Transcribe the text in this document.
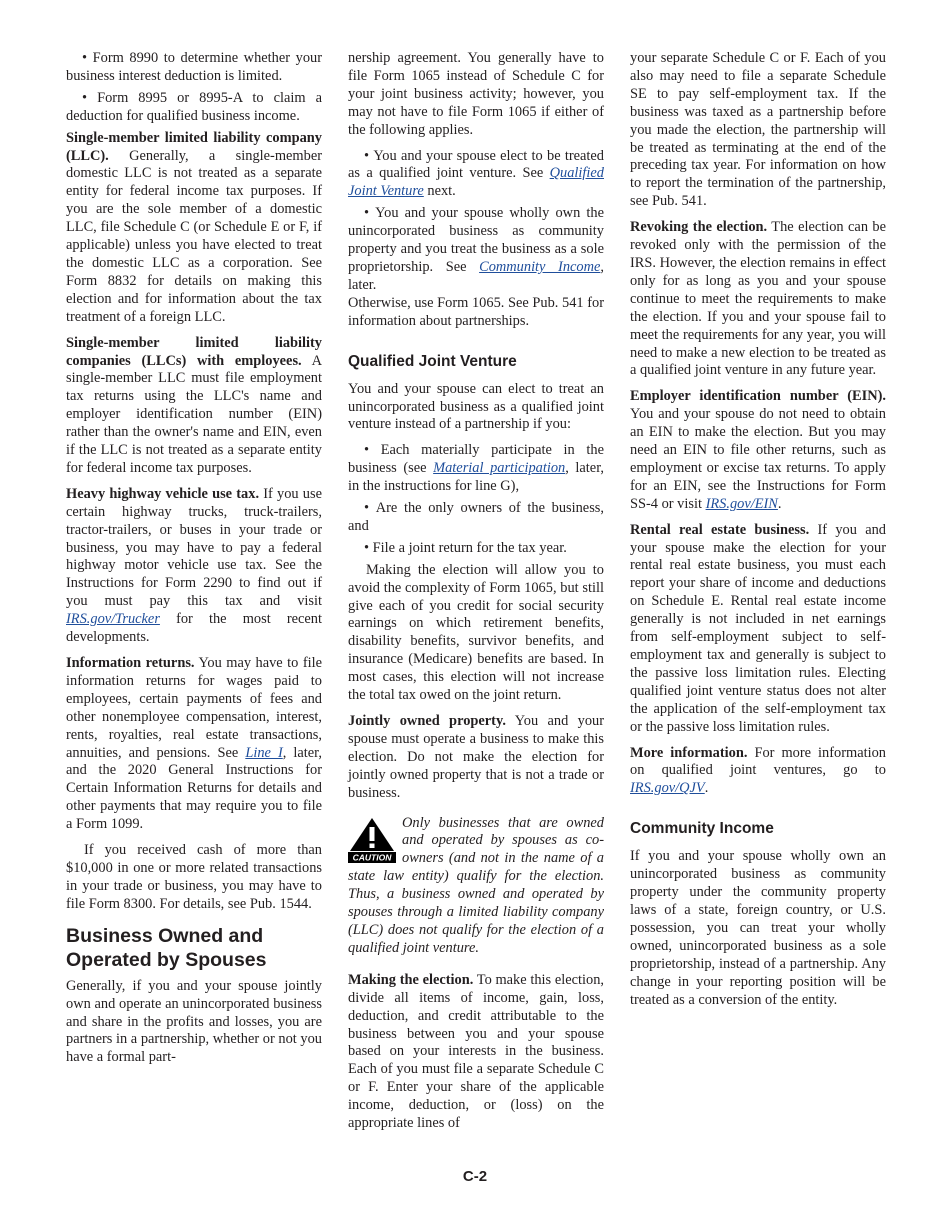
• Form 8990 to determine whether your business interest deduction is limited.

• Form 8995 or 8995-A to claim a deduction for qualified business income.

Single-member limited liability company (LLC). Generally, a single-member domestic LLC is not treated as a separate entity for federal income tax purposes. If you are the sole member of a domestic LLC, file Schedule C (or Schedule E or F, if applicable) unless you have elected to treat the domestic LLC as a corporation. See Form 8832 for details on making this election and for information about the tax treatment of a foreign LLC.

Single-member limited liability companies (LLCs) with employees. A single-member LLC must file employment tax returns using the LLC's name and employer identification number (EIN) rather than the owner's name and EIN, even if the LLC is not treated as a separate entity for federal income tax purposes.

Heavy highway vehicle use tax. If you use certain highway trucks, truck-trailers, tractor-trailers, or buses in your trade or business, you may have to pay a federal highway motor vehicle use tax. See the Instructions for Form 2290 to find out if you must pay this tax and visit IRS.gov/Trucker for the most recent developments.

Information returns. You may have to file information returns for wages paid to employees, certain payments of fees and other nonemployee compensation, interest, rents, royalties, real estate transactions, annuities, and pensions. See Line I, later, and the 2020 General Instructions for Certain Information Returns for details and other payments that may require you to file a Form 1099.

If you received cash of more than $10,000 in one or more related transactions in your trade or business, you may have to file Form 8300. For details, see Pub. 1544.

Business Owned and Operated by Spouses

Generally, if you and your spouse jointly own and operate an unincorporated business and share in the profits and losses, you are partners in a partnership, whether or not you have a formal part-

nership agreement. You generally have to file Form 1065 instead of Schedule C for your joint business activity; however, you may not have to file Form 1065 if either of the following applies.

• You and your spouse elect to be treated as a qualified joint venture. See Qualified Joint Venture next.

• You and your spouse wholly own the unincorporated business as community property and you treat the business as a sole proprietorship. See Community Income, later.

Otherwise, use Form 1065. See Pub. 541 for information about partnerships.

Qualified Joint Venture

You and your spouse can elect to treat an unincorporated business as a qualified joint venture instead of a partnership if you:

• Each materially participate in the business (see Material participation, later, in the instructions for line G),

• Are the only owners of the business, and

• File a joint return for the tax year.

Making the election will allow you to avoid the complexity of Form 1065, but still give each of you credit for social security earnings on which retirement benefits, disability benefits, survivor benefits, and insurance (Medicare) benefits are based. In most cases, this election will not increase the total tax owed on the joint return.

Jointly owned property. You and your spouse must operate a business to make this election. Do not make the election for jointly owned property that is not a trade or business.

CAUTION
Only businesses that are owned and operated by spouses as co-owners (and not in the name of a state law entity) qualify for the election. Thus, a business owned and operated by spouses through a limited liability company (LLC) does not qualify for the election of a qualified joint venture.

Making the election. To make this election, divide all items of income, gain, loss, deduction, and credit attributable to the business between you and your spouse based on your interests in the business. Each of you must file a separate Schedule C or F. Enter your share of the applicable income, deduction, or (loss) on the appropriate lines of

your separate Schedule C or F. Each of you also may need to file a separate Schedule SE to pay self-employment tax. If the business was taxed as a partnership before you made the election, the partnership will be treated as terminating at the end of the preceding tax year. For information on how to report the termination of the partnership, see Pub. 541.

Revoking the election. The election can be revoked only with the permission of the IRS. However, the election remains in effect only for as long as you and your spouse continue to meet the requirements to make the election. If you and your spouse fail to meet the requirements for any year, you will need to make a new election to be treated as a qualified joint venture in any future year.

Employer identification number (EIN). You and your spouse do not need to obtain an EIN to make the election. But you may need an EIN to file other returns, such as employment or excise tax returns. To apply for an EIN, see the Instructions for Form SS-4 or visit IRS.gov/EIN.

Rental real estate business. If you and your spouse make the election for your rental real estate business, you must each report your share of income and deductions on Schedule E. Rental real estate income generally is not included in net earnings from self-employment subject to self-employment tax and generally is subject to the passive loss limitation rules. Electing qualified joint venture status does not alter the application of the self-employment tax or the passive loss limitation rules.

More information. For more information on qualified joint ventures, go to IRS.gov/QJV.

Community Income

If you and your spouse wholly own an unincorporated business as community property under the community property laws of a state, foreign country, or U.S. possession, you can treat your wholly owned, unincorporated business as a sole proprietorship, instead of a partnership. Any change in your reporting position will be treated as a conversion of the entity.

C-2
